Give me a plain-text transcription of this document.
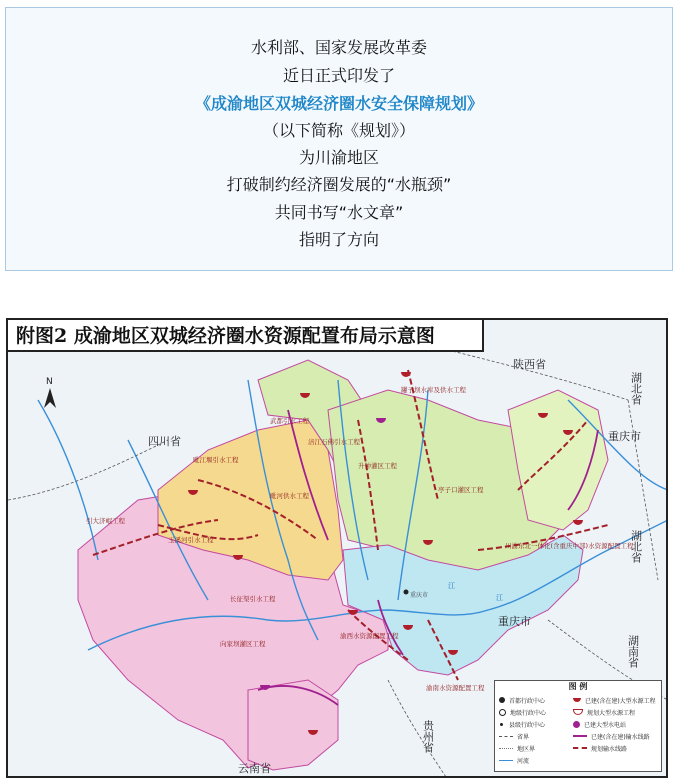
水利部、国家发展改革委
近日正式印发了
《成渝地区双城经济圈水安全保障规划》
（以下简称《规划》）
为川渝地区
打破制约经济圈发展的“水瓶颈”
共同书写“水文章”
指明了方向
四川省
陕西省
湖北省
重庆市
湖北省
重庆市
湖南省
贵州省
云南省
重庆市
江
江
罐子坝水库及供水工程
武都引水工程
毗江堰引水工程
亭子口灌区工程
升钟灌区工程
涪江石佛引水工程
毗河供水工程
引大济岷工程
玉溪河引水工程
长征渠引水工程
向家坝灌区工程
渝西水资源配置工程
渝南水资源配置工程
川渝东北一体化(含重庆中部)水资源配置工程
N
附图2 成渝地区双城经济圈水资源配置布局示意图
图 例
首都行政中心
地级行政中心
县级行政中心
省界
地区界
河流
已建(含在建)大型水源工程
规划大型水源工程
已建大型水电站
已建(含在建)输水线路
规划输水线路
